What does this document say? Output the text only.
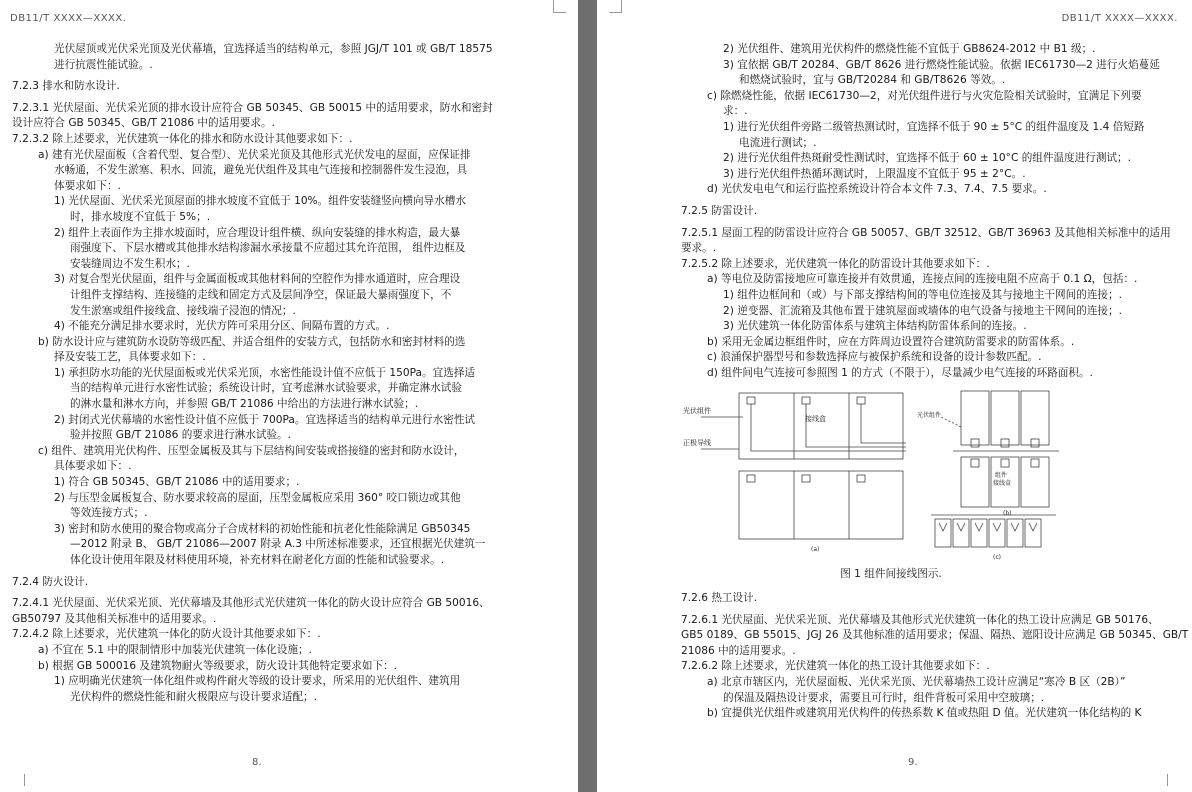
DB11/T XXXX—XXXX.
光伏屋顶或光伏采光顶及光伏幕墙，宜选择适当的结构单元，参照 JGJ/T 101 或 GB/T 18575
进行抗震性能试验。.
7.2.3 排水和防水设计.
7.2.3.1 光伏屋面、光伏采光顶的排水设计应符合 GB 50345、GB 50015 中的适用要求，防水和密封
设计应符合 GB 50345、GB/T 21086 中的适用要求。.
7.2.3.2 除上述要求，光伏建筑一体化的排水和防水设计其他要求如下：.
a) 建有光伏屋面板（含着代型、复合型）、光伏采光顶及其他形式光伏发电的屋面，应保证排
水畅通，不发生淤塞、积水、回流，避免光伏组件及其电气连接和控制器件发生浸泡，具
体要求如下：.
1) 光伏屋面、光伏采光顶屋面的排水坡度不宜低于 10%。组件安装缝竖向横向导水槽水
时，排水坡度不宜低于 5%；.
2) 组件上表面作为主排水坡面时，应合理设计组件横、纵向安装缝的排水构造，最大暴
雨强度下、下层水槽或其他排水结构渗漏水承接量不应超过其允许范围， 组件边框及
安装缝周边不发生积水；.
3) 对复合型光伏屋面，组件与金属面板或其他材料间的空腔作为排水通道时，应合理设
计组件支撑结构、连接缝的走线和固定方式及层间净空，保证最大暴雨强度下，不
发生淤塞或组件接线盒、接线端子浸泡的情况；.
4) 不能充分满足排水要求时，光伏方阵可采用分区、间隔布置的方式。.
b) 防水设计应与建筑防水设防等级匹配、并适合组件的安装方式，包括防水和密封材料的选
择及安装工艺，具体要求如下：.
1) 承担防水功能的光伏屋面板或光伏采光顶，水密性能设计值不应低于 150Pa。宜选择适
当的结构单元进行水密性试验；系统设计时，宜考虑淋水试验要求，并确定淋水试验
的淋水量和淋水方向，并参照 GB/T 21086 中给出的方法进行淋水试验；.
2) 封闭式光伏幕墙的水密性设计值不应低于 700Pa。宜选择适当的结构单元进行水密性试
验并按照 GB/T 21086 的要求进行淋水试验。.
c) 组件、建筑用光伏构件、压型金属板及其与下层结构间安装或搭接缝的密封和防水设计，
具体要求如下：.
1) 符合 GB 50345、GB/T 21086 中的适用要求；.
2) 与压型金属板复合、防水要求较高的屋面，压型金属板应采用 360° 咬口锁边或其他
等效连接方式；.
3) 密封和防水使用的聚合物或高分子合成材料的初始性能和抗老化性能除满足 GB50345
—2012 附录 B、 GB/T 21086—2007 附录 A.3 中所述标准要求，还宜根据光伏建筑一
体化设计使用年限及材料使用环境，补充材料在耐老化方面的性能和试验要求。.
7.2.4 防火设计.
7.2.4.1 光伏屋面、光伏采光顶、光伏幕墙及其他形式光伏建筑一体化的防火设计应符合 GB 50016、
GB50797 及其他相关标准中的适用要求。.
7.2.4.2 除上述要求，光伏建筑一体化的防火设计其他要求如下：.
a) 不宜在 5.1 中的限制情形中加装光伏建筑一体化设施；.
b) 根据 GB 500016 及建筑物耐火等级要求，防火设计其他特定要求如下：.
1) 应明确光伏建筑一体化组件或构件耐火等级的设计要求，所采用的光伏组件、建筑用
光伏构件的燃烧性能和耐火极限应与设计要求适配；.
8.
DB11/T XXXX—XXXX.
2) 光伏组件、建筑用光伏构件的燃烧性能不宜低于 GB8624-2012 中 B1 级；.
3) 宜依据 GB/T 20284、GB/T 8626 进行燃烧性能试验。依据 IEC61730—2 进行火焰蔓延
和燃烧试验时，宜与 GB/T20284 和 GB/T8626 等效。.
c) 除燃烧性能，依据 IEC61730—2，对光伏组件进行与火灾危险相关试验时，宜满足下列要
求：.
1) 进行光伏组件旁路二级管热测试时，宜选择不低于 90 ± 5°C 的组件温度及 1.4 倍短路
电流进行测试；.
2) 进行光伏组件热斑耐受性测试时，宜选择不低于 60 ± 10°C 的组件温度进行测试；.
3) 进行光伏组件热循环测试时，上限温度不宜低于 95 ± 2°C。.
d) 光伏发电电气和运行监控系统设计符合本文件 7.3、7.4、7.5 要求。.
7.2.5 防雷设计.
7.2.5.1 屋面工程的防雷设计应符合 GB 50057、GB/T 32512、GB/T 36963 及其他相关标准中的适用
要求。.
7.2.5.2 除上述要求，光伏建筑一体化的防雷设计其他要求如下：.
a) 等电位及防雷接地应可靠连接并有效贯通，连接点间的连接电阻不应高于 0.1 Ω，包括：.
1) 组件边框间和（或）与下部支撑结构间的等电位连接及其与接地主干网间的连接；.
2) 逆变器、汇流箱及其他布置于建筑屋面或墙体的电气设备与接地主干网间的连接；.
3) 光伏建筑一体化防雷体系与建筑主体结构防雷体系间的连接。.
b) 采用无金属边框组件时，应在方阵周边设置符合建筑防雷要求的防雷体系。.
c) 浪涌保护器型号和参数选择应与被保护系统和设备的设计参数匹配。.
d) 组件间电气连接可参照图 1 的方式（不限于），尽量减少电气连接的环路面积。.
光伏组件
正极导线
接线盒	光伏组件
组件
接线盒
(a)
(b)
(c)
图 1 组件间接线图示.
7.2.6 热工设计.
7.2.6.1 光伏屋面、光伏采光顶、光伏幕墙及其他形式光伏建筑一体化的热工设计应满足 GB 50176、
GB5 0189、GB 55015、JGJ 26 及其他标准的适用要求；保温、隔热、遮阳设计应满足 GB 50345、GB/T
21086 中的适用要求。.
7.2.6.2 除上述要求，光伏建筑一体化的热工设计其他要求如下：.
a) 北京市辖区内，光伏屋面板、光伏采光顶、光伏幕墙热工设计应满足“寒冷 B 区（2B）”
的保温及隔热设计要求，需要且可行时，组件背板可采用中空玻璃；.
b) 宜提供光伏组件或建筑用光伏构件的传热系数 K 值或热阻 D 值。光伏建筑一体化结构的 K
9.
